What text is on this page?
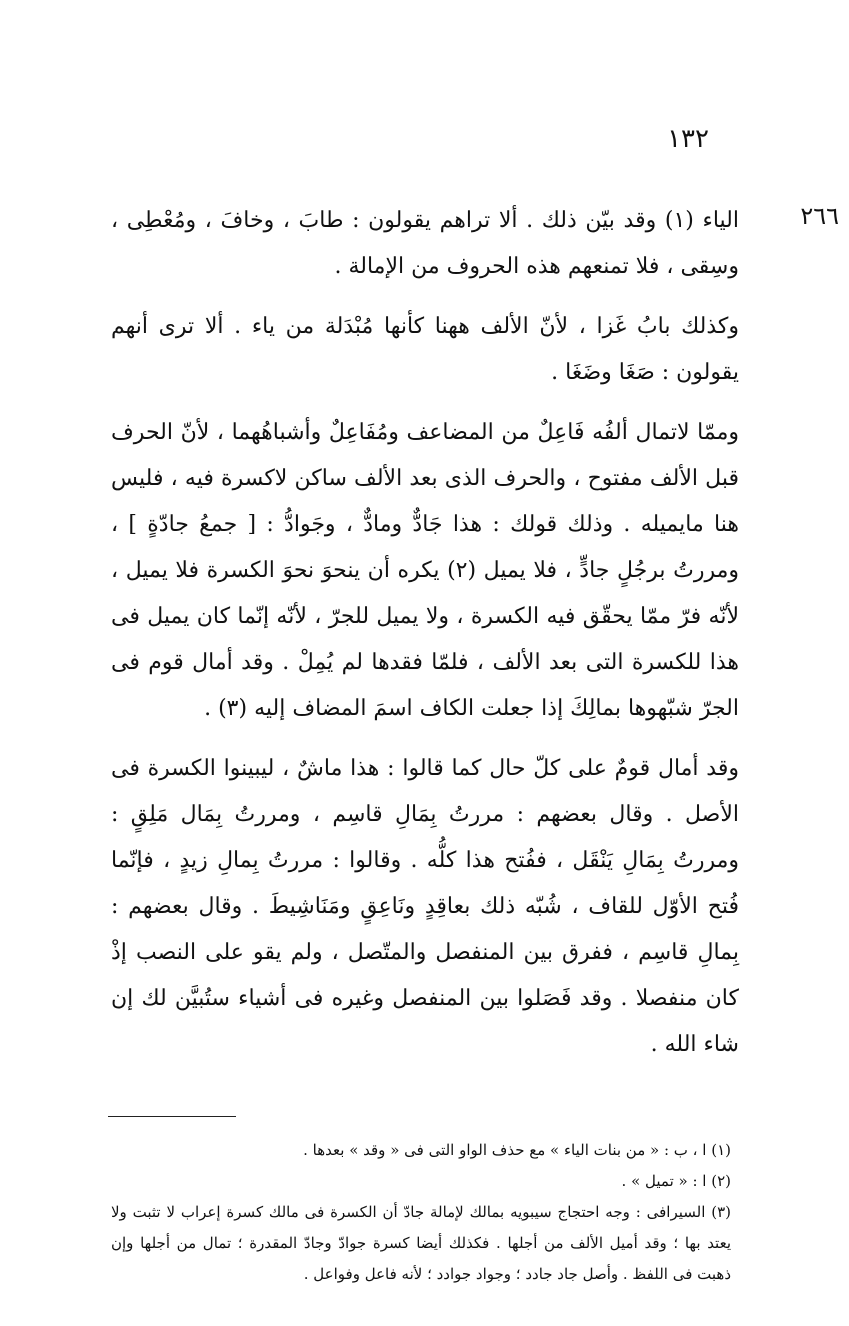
١٣٢
٢٦٦

الياء (١) وقد بيّن ذلك . ألا تراهم يقولون : طابَ ، وخافَ ، ومُعْطِى ، وسِقى ، فلا تمنعهم هذه الحروف من الإمالة .

وكذلك بابُ غَزا ، لأنّ الألف ههنا كأنها مُبْدَلة من ياء . ألا ترى أنهم يقولون : صَغَا وضَغَا .

وممّا لاتمال ألفُه فَاعِلٌ من المضاعف ومُفَاعِلٌ وأشباهُهما ، لأنّ الحرف قبل الألف مفتوح ، والحرف الذى بعد الألف ساكن لاكسرة فيه ، فليس هنا مايميله . وذلك قولك : هذا جَادٌّ ومادٌّ ، وجَوادُّ : [ جمعُ جادّةٍ ] ، ومررتُ برجُلٍ جادٍّ ، فلا يميل (٢) يكره أن ينحوَ نحوَ الكسرة فلا يميل ، لأنّه فرّ ممّا يحقّق فيه الكسرة ، ولا يميل للجرّ ، لأنّه إنّما كان يميل فى هذا للكسرة التى بعد الألف ، فلمّا فقدها لم يُمِلْ . وقد أمال قوم فى الجرّ شبّهوها بمالِكَ إذا جعلت الكاف اسمَ المضاف إليه (٣) .

وقد أمال قومٌ على كلّ حال كما قالوا : هذا ماشٌ ، ليبينوا الكسرة فى الأصل . وقال بعضهم : مررتُ بِمَالِ قاسِم ، ومررتُ بِمَال مَلِقٍ : ومررتُ بِمَالِ يَنْقَل ، ففُتح هذا كلُّه . وقالوا : مررتُ بِمالِ زيدٍ ، فإنّما فُتح الأوّل للقاف ، شُبّه ذلك بعاقِدٍ ونَاعِقٍ ومَنَاشِيطَ . وقال بعضهم : بِمالِ قاسِم ، ففرق بين المنفصل والمتّصل ، ولم يقو على النصب إذْ كان منفصلا . وقد فَصَلوا بين المنفصل وغيره فى أشياء ستُبيَّن لك إن شاء الله .

(١) ا ، ب : « من بنات الياء » مع حذف الواو التى فى « وقد » بعدها .

(٢) ا : « تميل » .

(٣) السيرافى : وجه احتجاج سيبويه بمالك لإمالة جادّ أن الكسرة فى مالك كسرة إعراب لا تثبت ولا يعتد بها ؛ وقد أميل الألف من أجلها . فكذلك أيضا كسرة جوادّ وجادّ المقدرة ؛ تمال من أجلها وإن ذهبت فى اللفظ . وأصل جاد جادد ؛ وجواد جوادد ؛ لأنه فاعل وفواعل .
